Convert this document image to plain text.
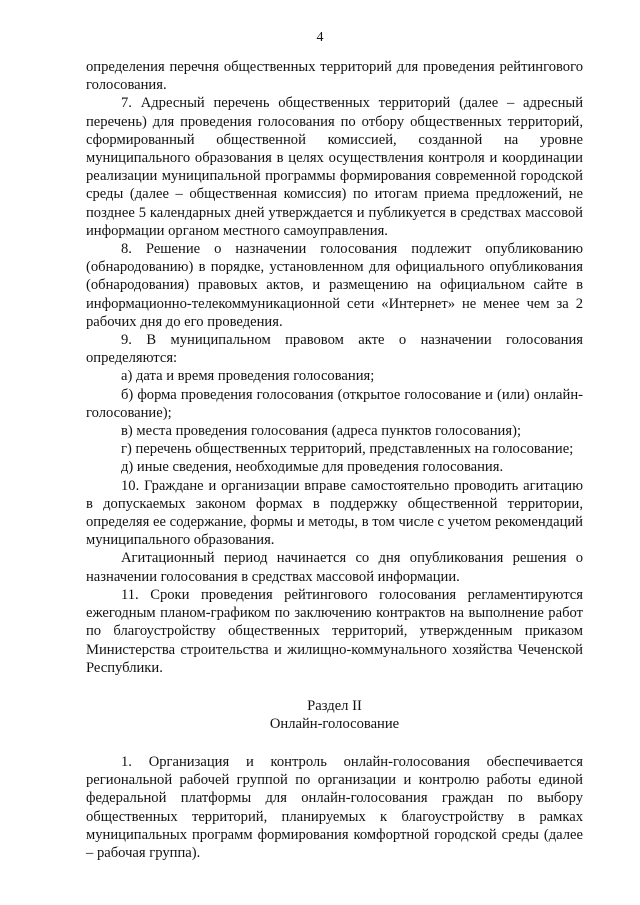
4

определения перечня общественных территорий для проведения рейтингового голосования.

7. Адресный перечень общественных территорий (далее – адресный перечень) для проведения голосования по отбору общественных территорий, сформированный общественной комиссией, созданной на уровне муниципального образования в целях осуществления контроля и координации реализации муниципальной программы формирования современной городской среды (далее – общественная комиссия) по итогам приема предложений, не позднее 5 календарных дней утверждается и публикуется в средствах массовой информации органом местного самоуправления.

8. Решение о назначении голосования подлежит опубликованию (обнародованию) в порядке, установленном для официального опубликования (обнародования) правовых актов, и размещению на официальном сайте в информационно-телекоммуникационной сети «Интернет» не менее чем за 2 рабочих дня до его проведения.

9. В муниципальном правовом акте о назначении голосования определяются:

а) дата и время проведения голосования;

б) форма проведения голосования (открытое голосование и (или) онлайн-голосование);

в) места проведения голосования (адреса пунктов голосования);

г) перечень общественных территорий, представленных на голосование;

д) иные сведения, необходимые для проведения голосования.

10. Граждане и организации вправе самостоятельно проводить агитацию в допускаемых законом формах в поддержку общественной территории, определяя ее содержание, формы и методы, в том числе с учетом рекомендаций муниципального образования.

Агитационный период начинается со дня опубликования решения о назначении голосования в средствах массовой информации.

11. Сроки проведения рейтингового голосования регламентируются ежегодным планом-графиком по заключению контрактов на выполнение работ по благоустройству общественных территорий, утвержденным приказом Министерства строительства и жилищно-коммунального хозяйства Чеченской Республики.

Раздел II
Онлайн-голосование

1. Организация и контроль онлайн-голосования обеспечивается региональной рабочей группой по организации и контролю работы единой федеральной платформы для онлайн-голосования граждан по выбору общественных территорий, планируемых к благоустройству в рамках муниципальных программ формирования комфортной городской среды (далее – рабочая группа).
